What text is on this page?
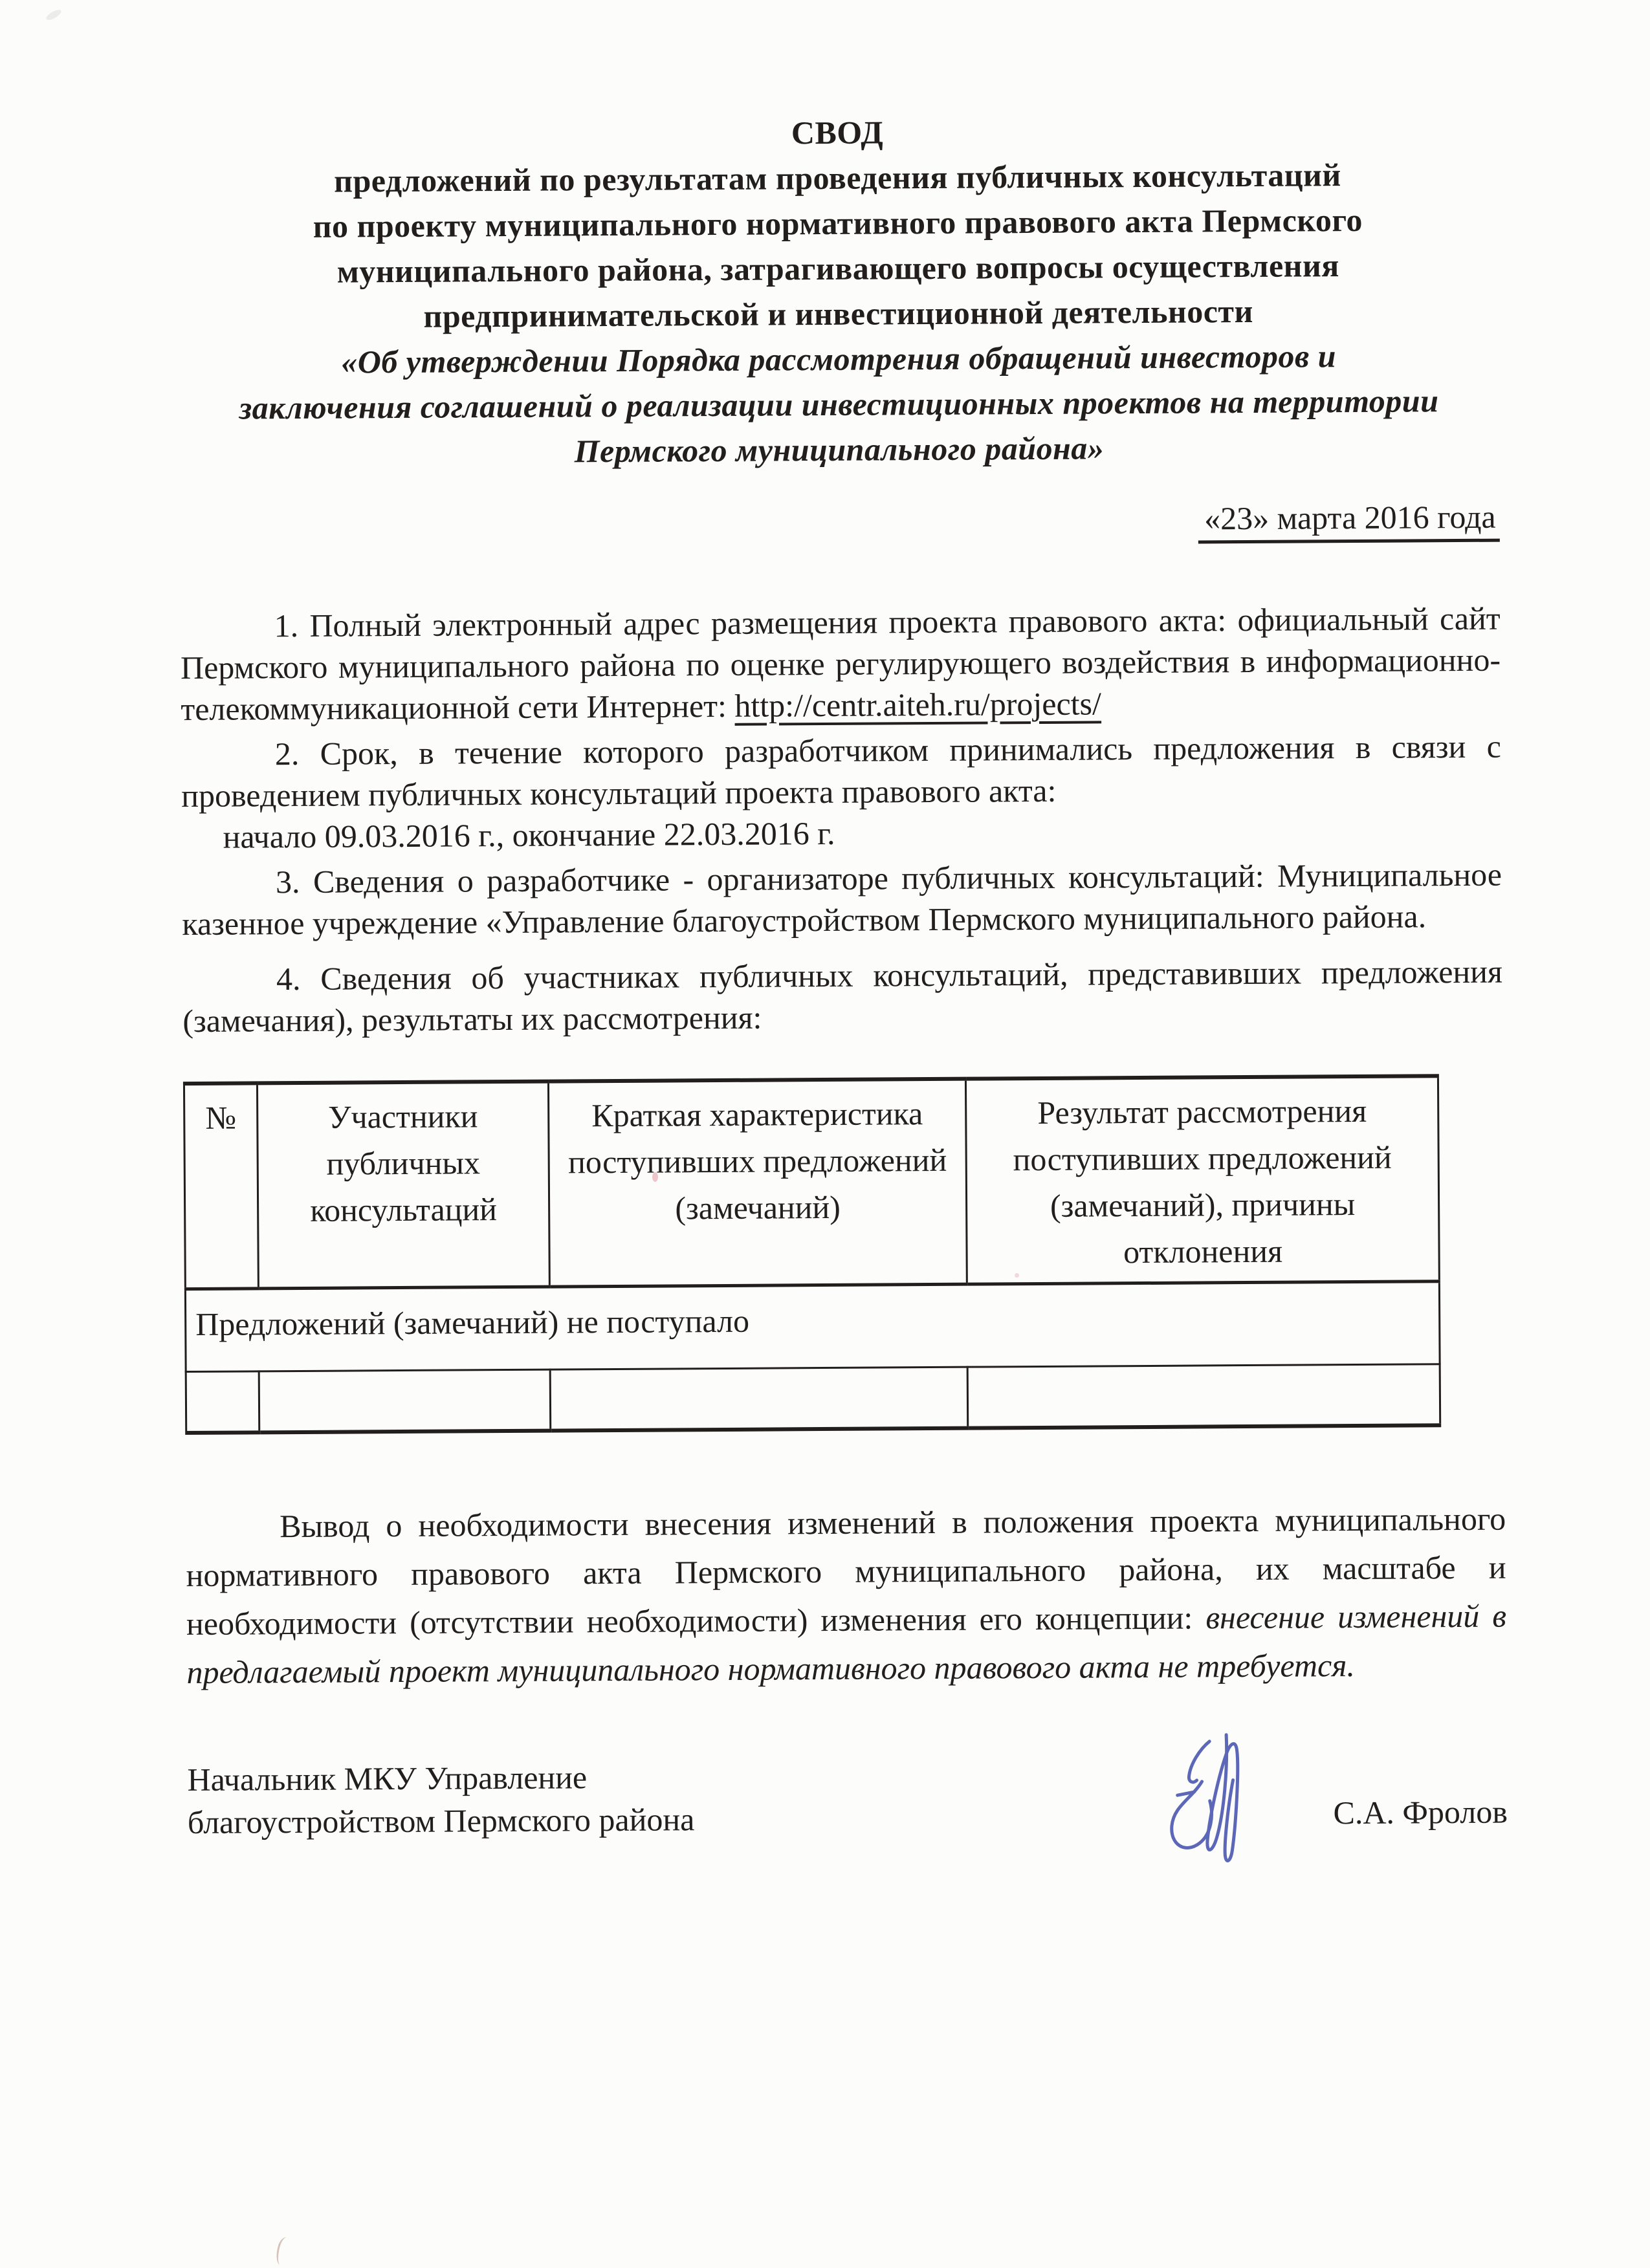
СВОД
предложений по результатам проведения публичных консультаций
по проекту муниципального нормативного правового акта Пермского
муниципального района, затрагивающего вопросы осуществления
предпринимательской и инвестиционной деятельности
«Об утверждении Порядка рассмотрения обращений инвесторов и
заключения соглашений о реализации инвестиционных проектов на территории
Пермского муниципального района»
«23» марта 2016 года

1. Полный электронный адрес размещения проекта правового акта: официальный сайт Пермского муниципального района по оценке регулирующего воздействия в информационно-телекоммуникационной сети Интернет: http://centr.aiteh.ru/projects/

2. Срок, в течение которого разработчиком принимались предложения в связи с проведением публичных консультаций проекта правового акта:

начало 09.03.2016 г., окончание 22.03.2016 г.

3. Сведения о разработчике - организаторе публичных консультаций: Муниципальное казенное учреждение «Управление благоустройством Пермского муниципального района.

4. Сведения об участниках публичных консультаций, представивших предложения (замечания), результаты их рассмотрения:

№	Участники публичных консультаций	Краткая характеристика поступивших предложений (замечаний)	Результат рассмотрения поступивших предложений (замечаний), причины отклонения
Предложений (замечаний) не поступало			

Вывод о необходимости внесения изменений в положения проекта муниципального нормативного правового акта Пермского муниципального района, их масштабе и необходимости (отсутствии необходимости) изменения его концепции: внесение изменений в предлагаемый проект муниципального нормативного правового акта не требуется.

Начальник МКУ Управление
благоустройством Пермского района	С.А. Фролов
